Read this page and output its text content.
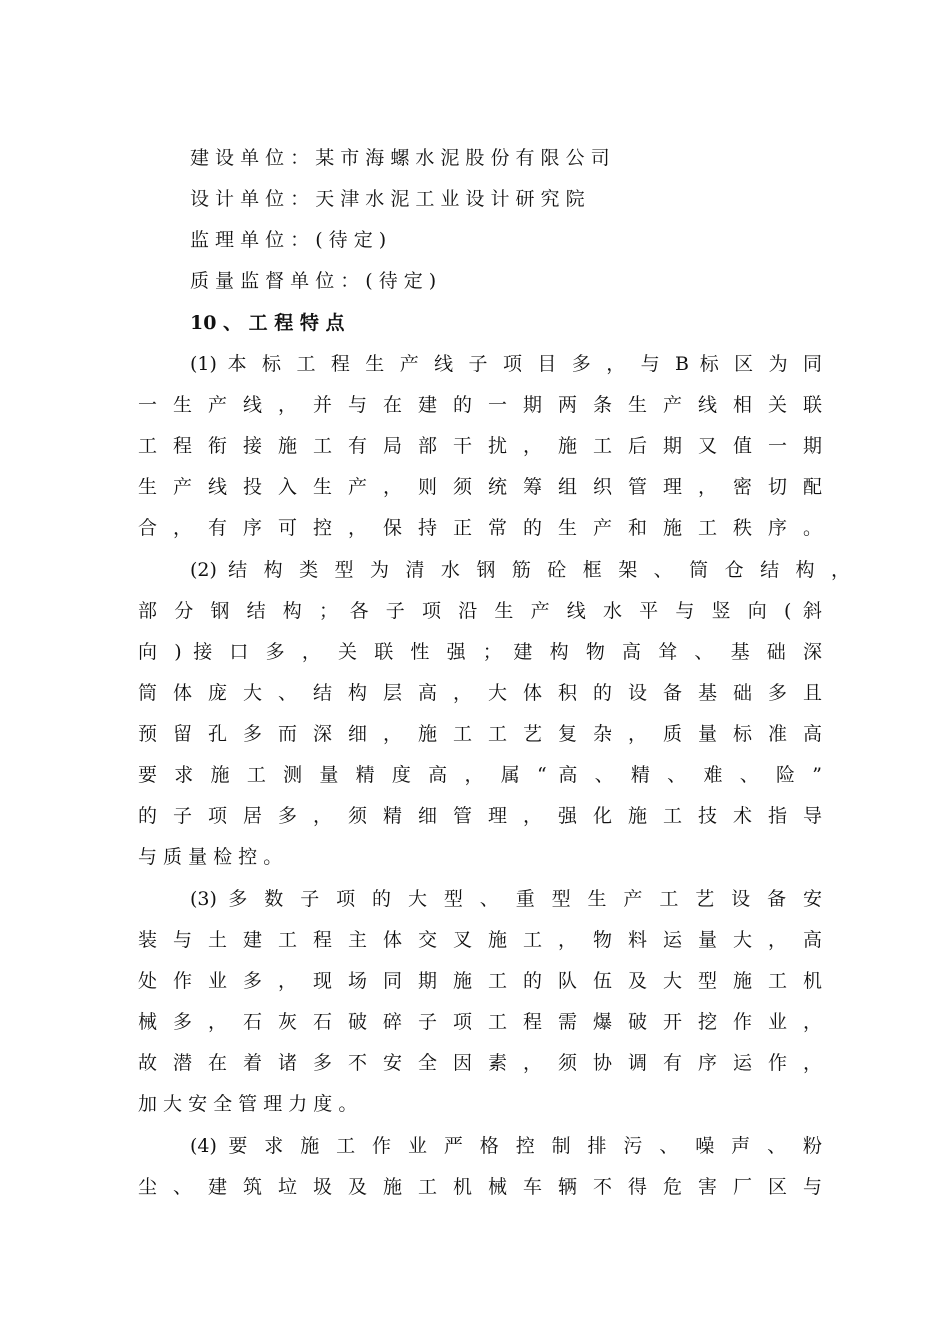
建 设 单 位 ： 某 市 海 螺 水 泥 股 份 有 限 公 司
设 计 单 位 ： 天 津 水 泥 工 业 设 计 研 究 院
监 理 单 位 ： ( 待 定 )
质 量 监 督 单 位 ： ( 待 定 )
10 、 工 程 特 点
(1) 本 标 工 程 生 产 线 子 项 目 多 ， 与 B 标 区 为 同
一 生 产 线 ， 并 与 在 建 的 一 期 两 条 生 产 线 相 关 联
工 程 衔 接 施 工 有 局 部 干 扰 ， 施 工 后 期 又 值 一 期
生 产 线 投 入 生 产 ， 则 须 统 筹 组 织 管 理 ， 密 切 配
合 ， 有 序 可 控 ， 保 持 正 常 的 生 产 和 施 工 秩 序 。
(2) 结 构 类 型 为 清 水 钢 筋 砼 框 架 、 筒 仓 结 构 ，
部 分 钢 结 构 ； 各 子 项 沿 生 产 线 水 平 与 竖 向 ( 斜
向 ) 接 口 多 ， 关 联 性 强 ； 建 构 物 高 耸 、 基 础 深
筒 体 庞 大 、 结 构 层 高 ， 大 体 积 的 设 备 基 础 多 且
预 留 孔 多 而 深 细 ， 施 工 工 艺 复 杂 ， 质 量 标 准 高
要 求 施 工 测 量 精 度 高 ， 属 “ 高 、 精 、 难 、 险 ”
的 子 项 居 多 ， 须 精 细 管 理 ， 强 化 施 工 技 术 指 导
与 质 量 检 控 。
(3) 多 数 子 项 的 大 型 、 重 型 生 产 工 艺 设 备 安
装 与 土 建 工 程 主 体 交 叉 施 工 ， 物 料 运 量 大 ， 高
处 作 业 多 ， 现 场 同 期 施 工 的 队 伍 及 大 型 施 工 机
械 多 ， 石 灰 石 破 碎 子 项 工 程 需 爆 破 开 挖 作 业 ，
故 潜 在 着 诸 多 不 安 全 因 素 ， 须 协 调 有 序 运 作 ，
加 大 安 全 管 理 力 度 。
(4) 要 求 施 工 作 业 严 格 控 制 排 污 、 噪 声 、 粉
尘 、 建 筑 垃 圾 及 施 工 机 械 车 辆 不 得 危 害 厂 区 与
